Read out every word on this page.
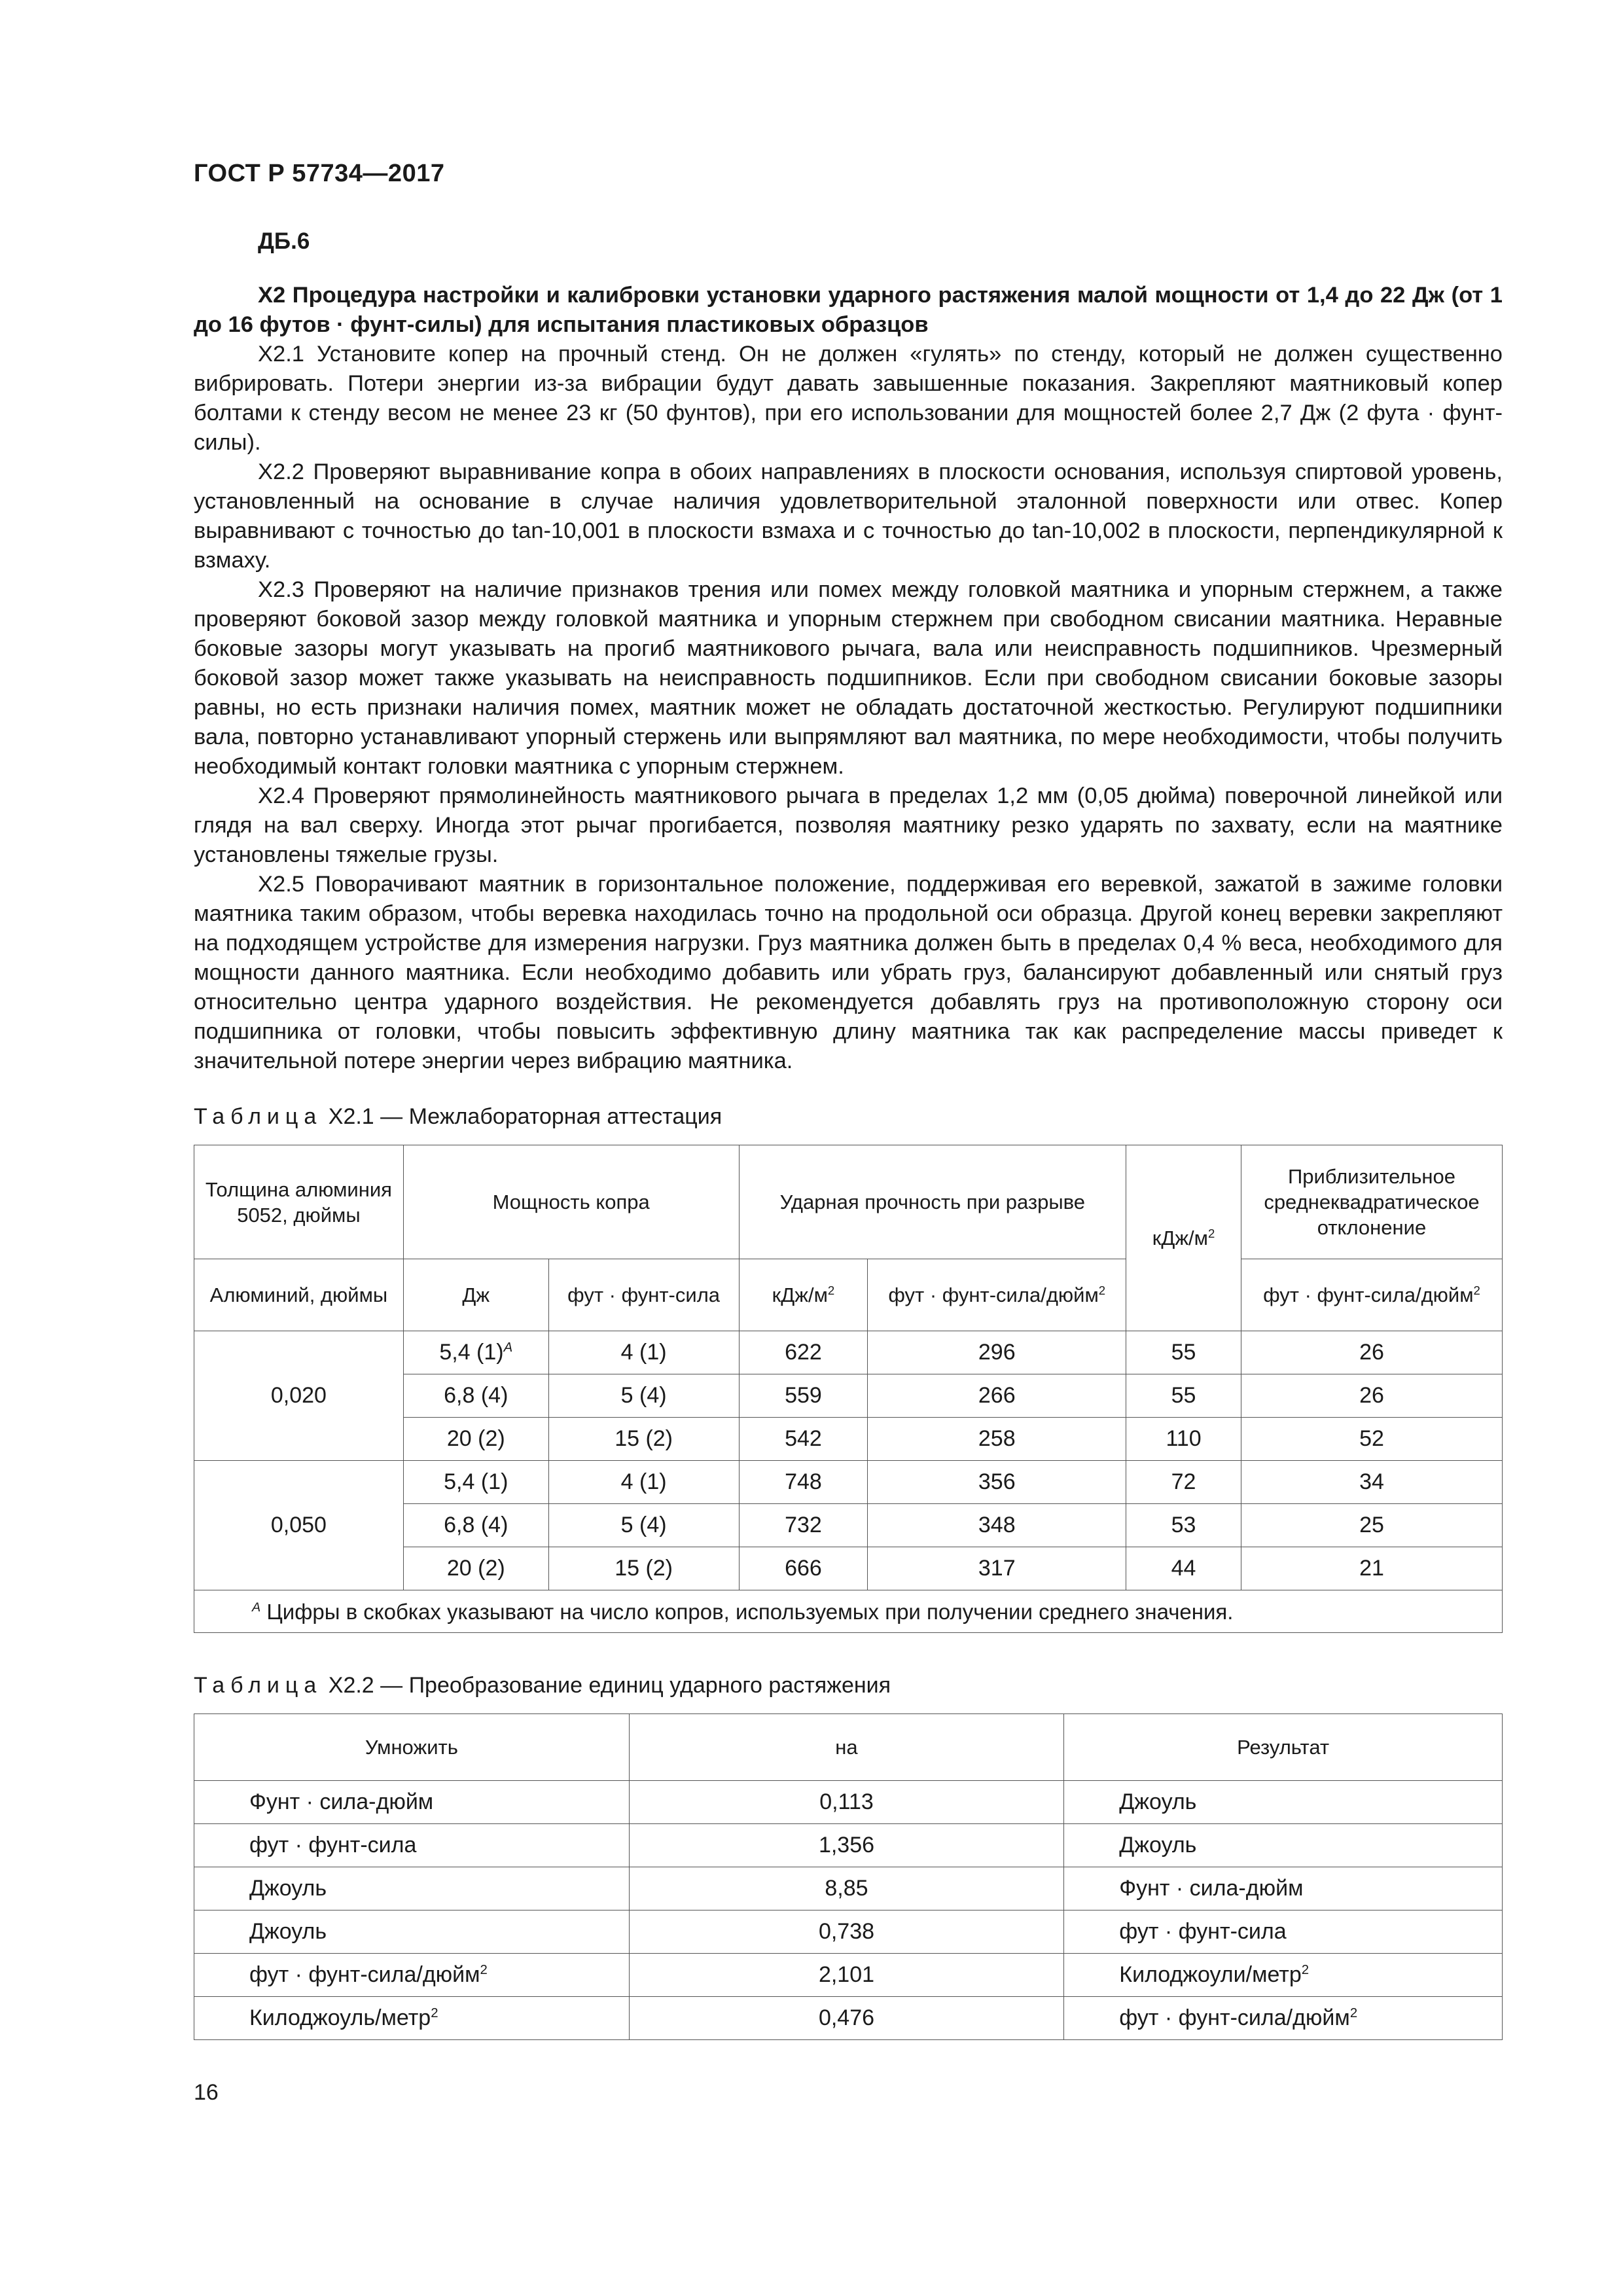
ГОСТ Р 57734—2017
ДБ.6

Х2 Процедура настройки и калибровки установки ударного растяжения малой мощности от 1,4 до 22 Дж (от 1 до 16 футов · фунт-силы) для испытания пластиковых образцов

Х2.1 Установите копер на прочный стенд. Он не должен «гулять» по стенду, который не должен существенно вибрировать. Потери энергии из-за вибрации будут давать завышенные показания. Закрепляют маятниковый копер болтами к стенду весом не менее 23 кг (50 фунтов), при его использовании для мощностей более 2,7 Дж (2 фута · фунт-силы).

Х2.2 Проверяют выравнивание копра в обоих направлениях в плоскости основания, используя спиртовой уровень, установленный на основание в случае наличия удовлетворительной эталонной поверхности или отвес. Копер выравнивают с точностью до tan-10,001 в плоскости взмаха и с точностью до tan-10,002 в плоскости, перпендикулярной к взмаху.

Х2.3 Проверяют на наличие признаков трения или помех между головкой маятника и упорным стержнем, а также проверяют боковой зазор между головкой маятника и упорным стержнем при свободном свисании маятника. Неравные боковые зазоры могут указывать на прогиб маятникового рычага, вала или неисправность подшипников. Чрезмерный боковой зазор может также указывать на неисправность подшипников. Если при свободном свисании боковые зазоры равны, но есть признаки наличия помех, маятник может не обладать достаточной жесткостью. Регулируют подшипники вала, повторно устанавливают упорный стержень или выпрямляют вал маятника, по мере необходимости, чтобы получить необходимый контакт головки маятника с упорным стержнем.

Х2.4 Проверяют прямолинейность маятникового рычага в пределах 1,2 мм (0,05 дюйма) поверочной линейкой или глядя на вал сверху. Иногда этот рычаг прогибается, позволяя маятнику резко ударять по захвату, если на маятнике установлены тяжелые грузы.

Х2.5 Поворачивают маятник в горизонтальное положение, поддерживая его веревкой, зажатой в зажиме головки маятника таким образом, чтобы веревка находилась точно на продольной оси образца. Другой конец веревки закрепляют на подходящем устройстве для измерения нагрузки. Груз маятника должен быть в пределах 0,4 % веса, необходимого для мощности данного маятника. Если необходимо добавить или убрать груз, балансируют добавленный или снятый груз относительно центра ударного воздействия. Не рекомендуется добавлять груз на противоположную сторону оси подшипника от головки, чтобы повысить эффективную длину маятника так как распределение массы приведет к значительной потере энергии через вибрацию маятника.

Таблица Х2.1 — Межлабораторная аттестация
Толщина алюминия 5052, дюймы	Мощность копра		Ударная прочность при разрыве		кДж/$м^2$	Приблизительное среднеквадратическое отклонение
Алюминий, дюймы	Дж	фут · фунт-сила	кДж/$м^2$	фут · фунт-сила/дюйм$^2$		фут · фунт-сила/дюйм$^2$
0,020	5,4 $(1)^A$	4 (1)	622	296	55	26
	6,8 (4)	5 (4)	559	266	55	26
	20 (2)	15 (2)	542	258	110	52
0,050	5,4 (1)	4 (1)	748	356	72	34
	6,8 (4)	5 (4)	732	348	53	25
	20 (2)	15 (2)	666	317	44	21
$^A$ Цифры в скобках указывают на число копров, используемых при получении среднего значения.						
Таблица Х2.2 — Преобразование единиц ударного растяжения
Умножить	на	Результат
Фунт · сила-дюйм	0,113	Джоуль
фут · фунт-сила	1,356	Джоуль
Джоуль	8,85	Фунт · сила-дюйм
Джоуль	0,738	фут · фунт-сила
фут · фунт-сила/дюйм$^2$	2,101	Килоджоули/метр$^2$
Килоджоуль/метр$^2$	0,476	фут · фунт-сила/дюйм$^2$
16
